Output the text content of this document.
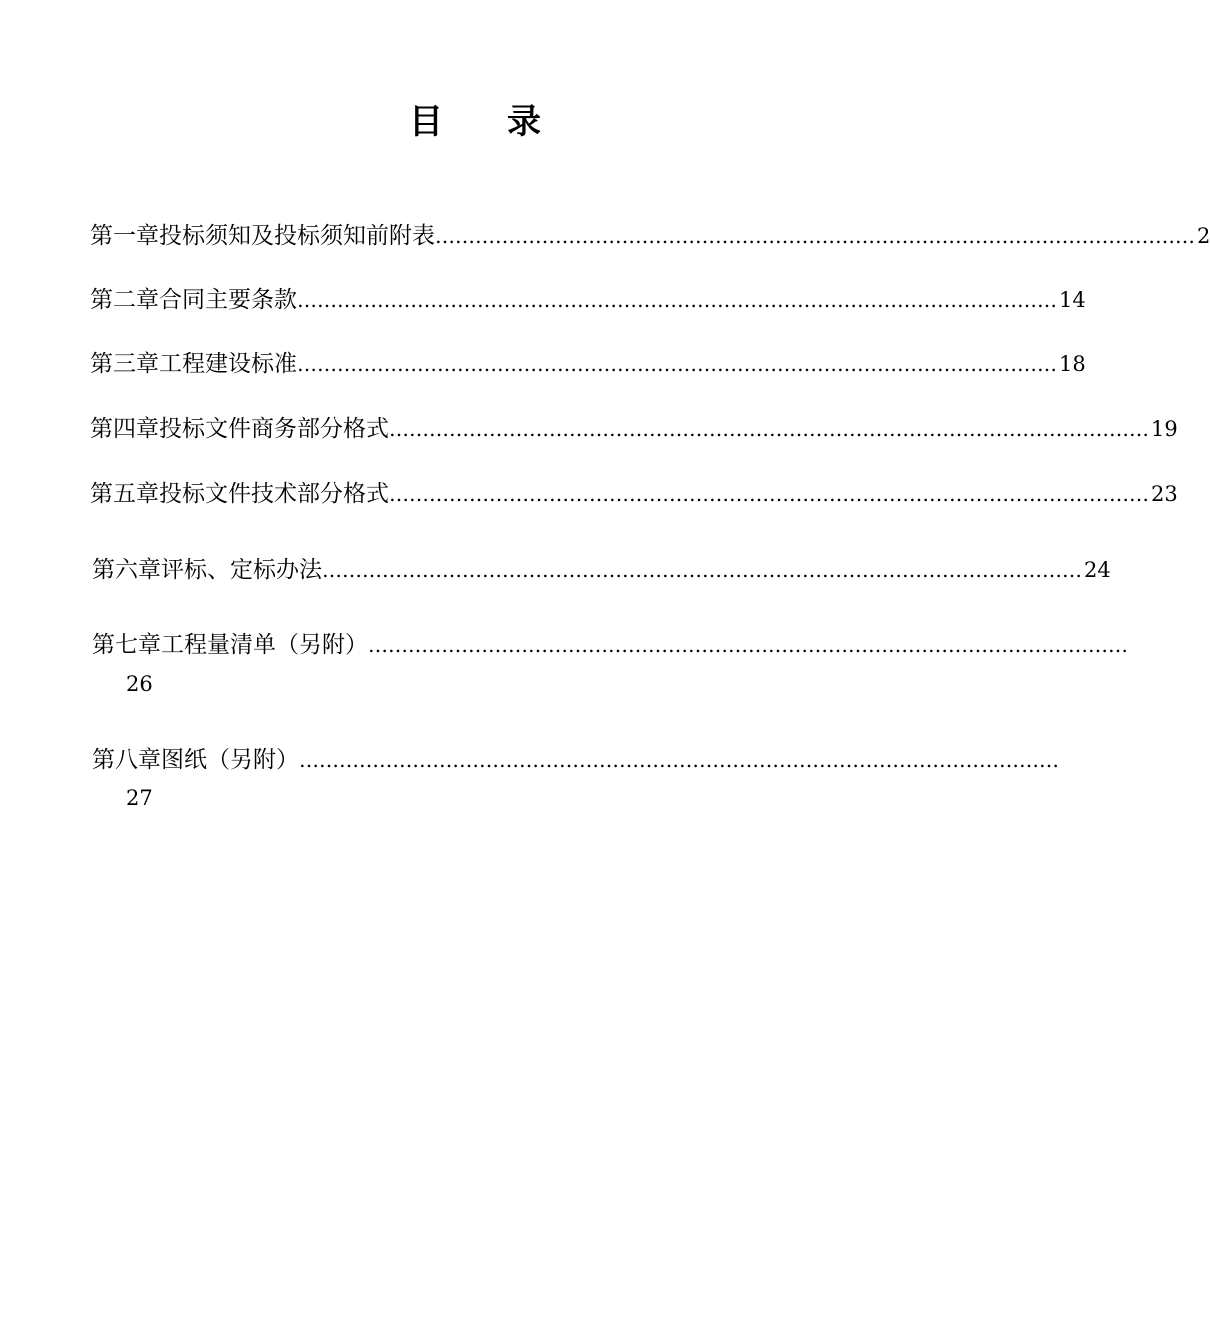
目 录
第一章 投标须知及投标须知前附表 …………………………………………………………………………………………………… 2
第二章 合同主要条款 …………………………………………………………………………………………………… 14
第三章 工程建设标准 …………………………………………………………………………………………………… 18
第四章 投标文件商务部分格式 …………………………………………………………………………………………………… 19
第五章 投标文件技术部分格式 …………………………………………………………………………………………………… 23
第六章 评标、定标办法 …………………………………………………………………………………………………… 24
第七章 工程量清单（另附） ……………………………………………………………………………………………………
26
第八章 图纸（另附） ……………………………………………………………………………………………………
27
